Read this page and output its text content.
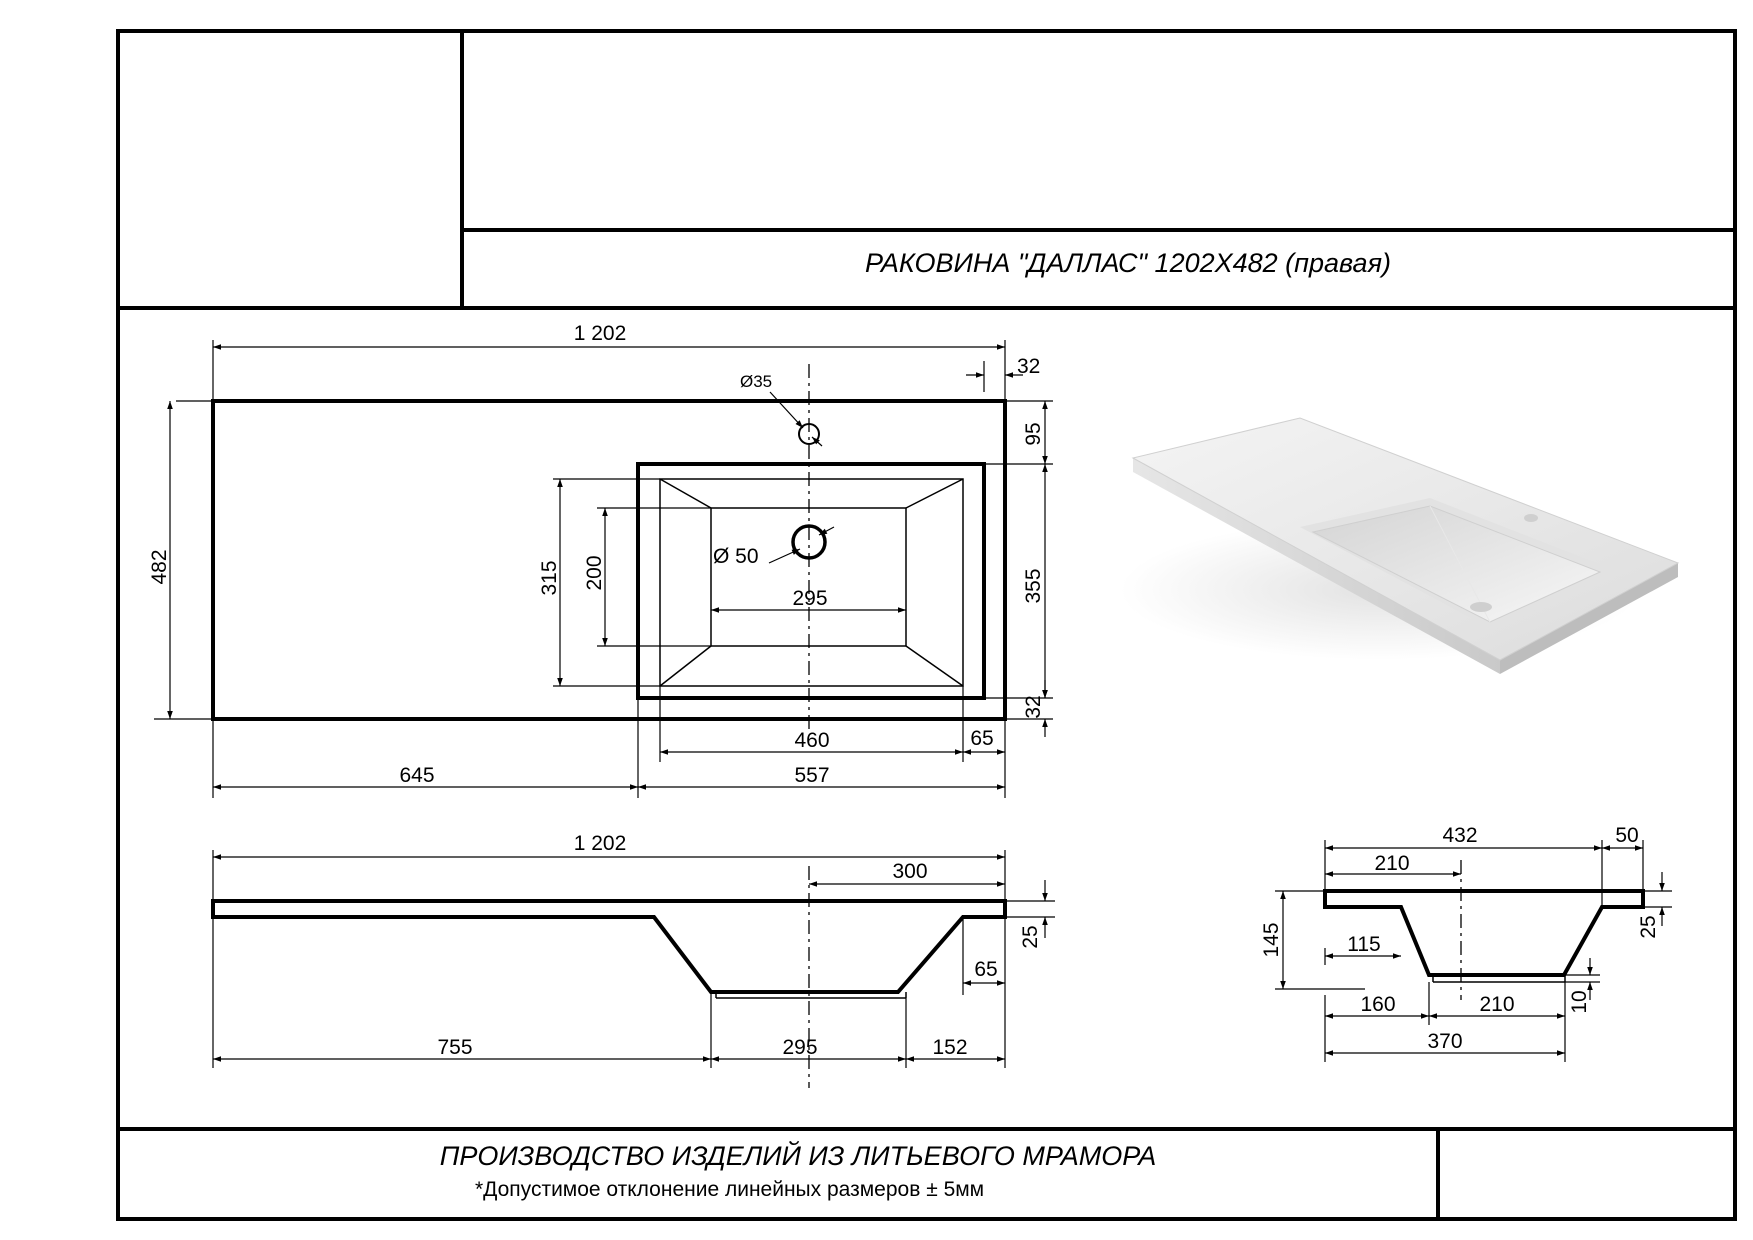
РАКОВИНА "ДАЛЛАС" 1202Х482 (правая)
ПРОИЗВОДСТВО ИЗДЕЛИЙ ИЗ ЛИТЬЕВОГО МРАМОРА
*Допустимое отклонение линейных размеров ± 5мм
1 202
32
Ø35
482	315 200
95
355
32
295
Ø 50
460	65
645	557
1 202
300
25
65
755	295	152
432	50
210
145	25
115
10
160	210
370
